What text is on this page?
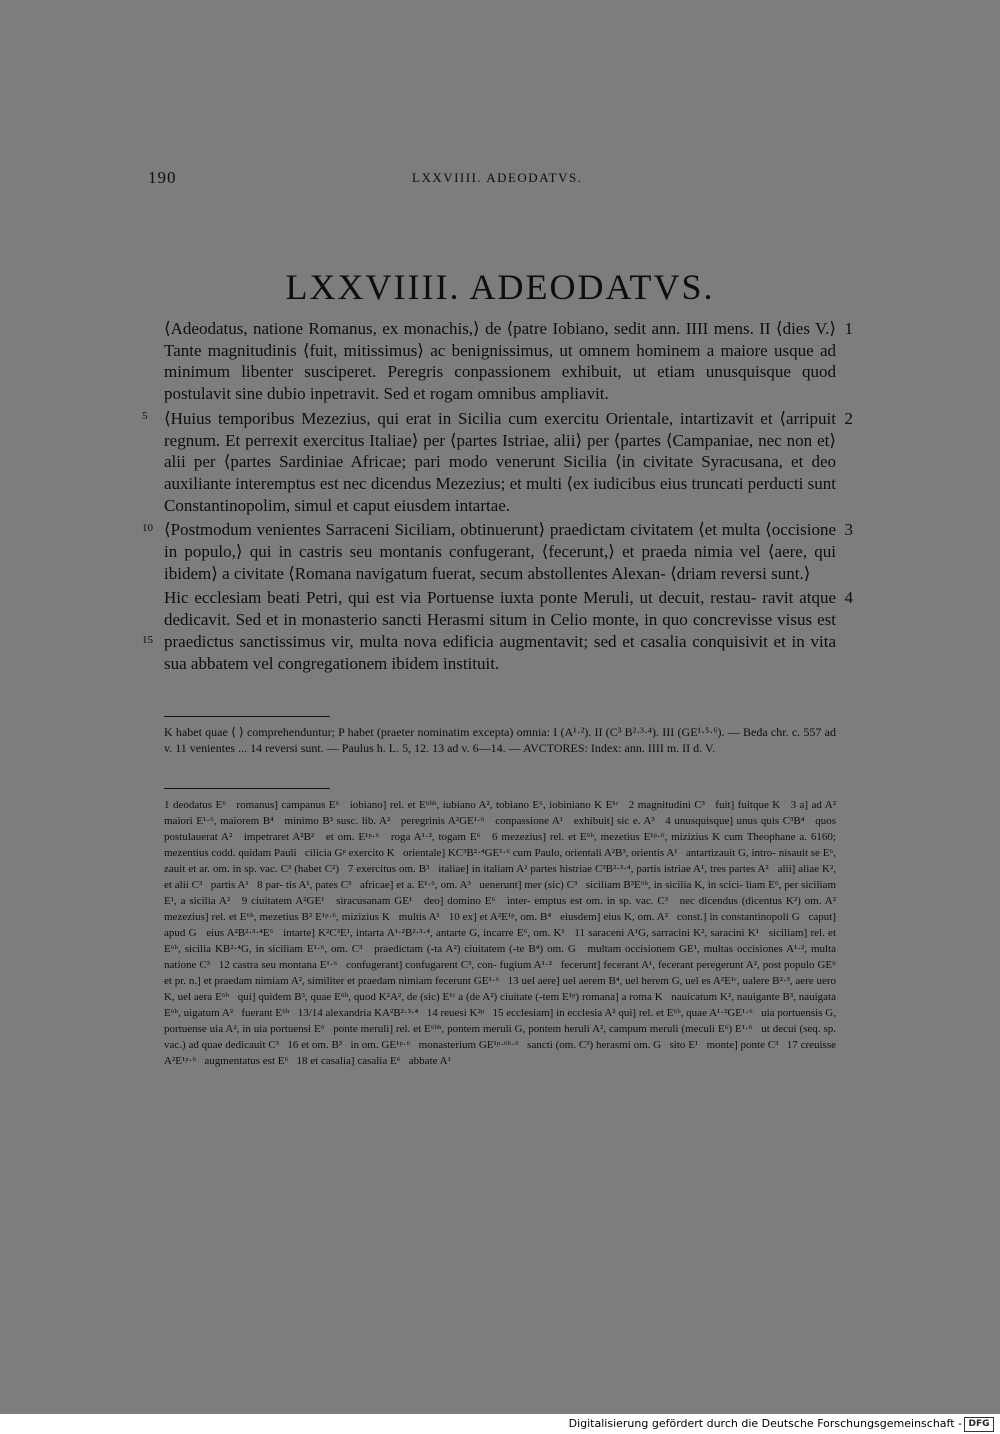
190	LXXVIIII. ADEODATVS.
LXXVIIII. ADEODATVS.
5
10
15
1
⟨Adeodatus, natione Romanus, ex monachis,⟩ de ⟨patre Iobiano, sedit ann. IIII mens. II ⟨dies V.⟩ Tante magnitudinis ⟨fuit, mitissimus⟩ ac benignissimus, ut omnem hominem a maiore usque ad minimum libenter susciperet. Peregris conpassionem exhibuit, ut etiam unusquisque quod postulavit sine dubio inpetravit. Sed et rogam omnibus ampliavit.
2
⟨Huius temporibus Mezezius, qui erat in Sicilia cum exercitu Orientale, intartizavit et ⟨arripuit regnum. Et perrexit exercitus Italiae⟩ per ⟨partes Istriae, alii⟩ per ⟨partes ⟨Campaniae, nec non et⟩ alii per ⟨partes Sardiniae Africae; pari modo venerunt Sicilia ⟨in civitate Syracusana, et deo auxiliante interemptus est nec dicendus Mezezius; et multi ⟨ex iudicibus eius truncati perducti sunt Constantinopolim, simul et caput eiusdem intartae.
3
⟨Postmodum venientes Sarraceni Siciliam, obtinuerunt⟩ praedictam civitatem ⟨et multa ⟨occisione in populo,⟩ qui in castris seu montanis confugerant, ⟨fecerunt,⟩ et praeda nimia vel ⟨aere, qui ibidem⟩ a civitate ⟨Romana navigatum fuerat, secum abstollentes Alexan- ⟨driam reversi sunt.⟩
4
Hic ecclesiam beati Petri, qui est via Portuense iuxta ponte Meruli, ut decuit, restau- ravit atque dedicavit. Sed et in monasterio sancti Herasmi situm in Celio monte, in quo concrevisse visus est praedictus sanctissimus vir, multa nova edificia augmentavit; sed et casalia conquisivit et in vita sua abbatem vel congregationem ibidem instituit.
K habet quae ⟨ ⟩ comprehenduntur; P habet (praeter nominatim excepta) omnia: I (A¹·²). II (C³ B²·³·⁴). III (GE¹·⁵·⁶). — Beda chr. c. 557 ad v. 11 venientes ... 14 reversi sunt. — Paulus h. L. 5, 12. 13 ad v. 6—14. — AVCTORES: Index: ann. IIII m. II d. V.
1 deodatus E⁶   romanus] campanus E⁶   iobiano] rel. et E⁶ᵇʰ, iubiano A², tobiano E⁶, iobiniano K E¹ᶜ   2 magnitudini C³   fuit] fuitque K   3 a] ad A²   maiori E¹·⁶, maiorem B⁴   minimo B³ susc. lib. A²   peregrinis A²GE¹·⁶   conpassione A¹   exhibuit] sic e. A³   4 unusquisque] unus quis C³B⁴   quos postulauerat A²   impetraret A²B²   et om. E¹ᵖ·⁶   roga A¹·², togam E⁶   6 mezezius] rel. et E⁶ʰ, mezetius E¹ᵖ·⁶, mizizius K cum Theophane a. 6160; mezentius codd. quidam Pauli   cilicia Gᵖ exercito K   orientale] KC³B²·⁴GE¹·⁶ cum Paulo, orientali A²B³, orientis A¹   antartizauit G, intro- nisauit se E⁶, zauit et ar. om. in sp. vac. C³ (habet C²)   7 exercitus om. B³   italiae] in italiam A² partes histriae C³B²·³·⁴, partis istriae A¹, tres partes A²   alii] aliae K², et alii C³   partis A¹   8 par- tis A¹, pates C³   africae] et a. E¹·⁶, om. A³   uenerunt] mer (sic) C³   siciliam B³E⁶ʰ, in sicilia K, in scici- liam E⁶, per siciliam E¹, a sicilia A²   9 ciuitatem A²GE¹   siracusanam GE¹   deo] domino E⁶   inter- emptus est om. in sp. vac. C³   nec dicendus (dicentus K²) om. A²   mezezius] rel. et E⁶ʰ, mezetius B² E¹ᵖ·⁶, mizizius K   multis A¹   10 ex] et A²E¹ᵖ, om. B⁴   eiusdem] eius K, om. A²   const.] in constantinopoli G   caput] apud G   eius A²B²·³·⁴E⁶   intarte] K²C³E¹, intarta A¹·²B²·³·⁴, antarte G, incarre E⁶, om. K¹   11 saraceni A¹G, sarracini K², saracini K¹   siciliam] rel. et E⁶ʰ, sicilia KB²·⁴G, in siciliam E¹·⁶, om. C³   praedictam (-ta A²) ciuitatem (-te B⁴) om. G   multam occisionem GE¹, multas occisiones A¹·², multa natione C³   12 castra seu montana E¹·⁶   confugerant] confugarent C³, con- fugium A¹·²   fecerunt] fecerant A¹, fecerant peregerunt A², post populo GE⁶   et pr. n.] et praedam nimiam A², similiter et praedam nimiam fecerunt GE¹·⁶   13 uel aere] uel aerem B⁴, uel herem G, uel es A²E¹ᶜ, ualere B²·³, aere uero K, uel aera E⁶ʰ   qui] quidem B³, quae E⁶ʰ, quod K²A², de (sic) E¹ᶜ a (de A²) ciuitate (-tem E¹ᵖ) romana] a roma K   nauicatum K², nauigante B³, nauigata E⁶ʰ, uigatum A²   fuerant E⁶ʰ   13/14 alexandria KA²B²·³·⁴   14 reuesi K²ᵖ   15 ecclesiam] in ecclesia A² qui] rel. et E⁶ᵇ, quae A¹·²GE¹·⁶   uia portuensis G, portuense uia A², in uia portuensi E⁶   ponte meruli] rel. et E⁶ᵇᵇ, pontem meruli G, pontem heruli A², campum meruli (meculi E⁶) E¹·⁶   ut decui (seq. sp. vac.) ad quae dedicauit C³   16 et om. B³   in om. GE¹ᵖ·⁶   monasterium GE¹ᵖ·⁶ʰ·⁶   sancti (om. C³) herasmi om. G   sito E¹   monte] ponte C³   17 creuisse A²E¹ᵖ·⁶   augmentatus est E⁶   18 et casalia] casalia E⁶   abbate A¹
Digitalisierung gefördert durch die Deutsche Forschungsgemeinschaft - DFG
